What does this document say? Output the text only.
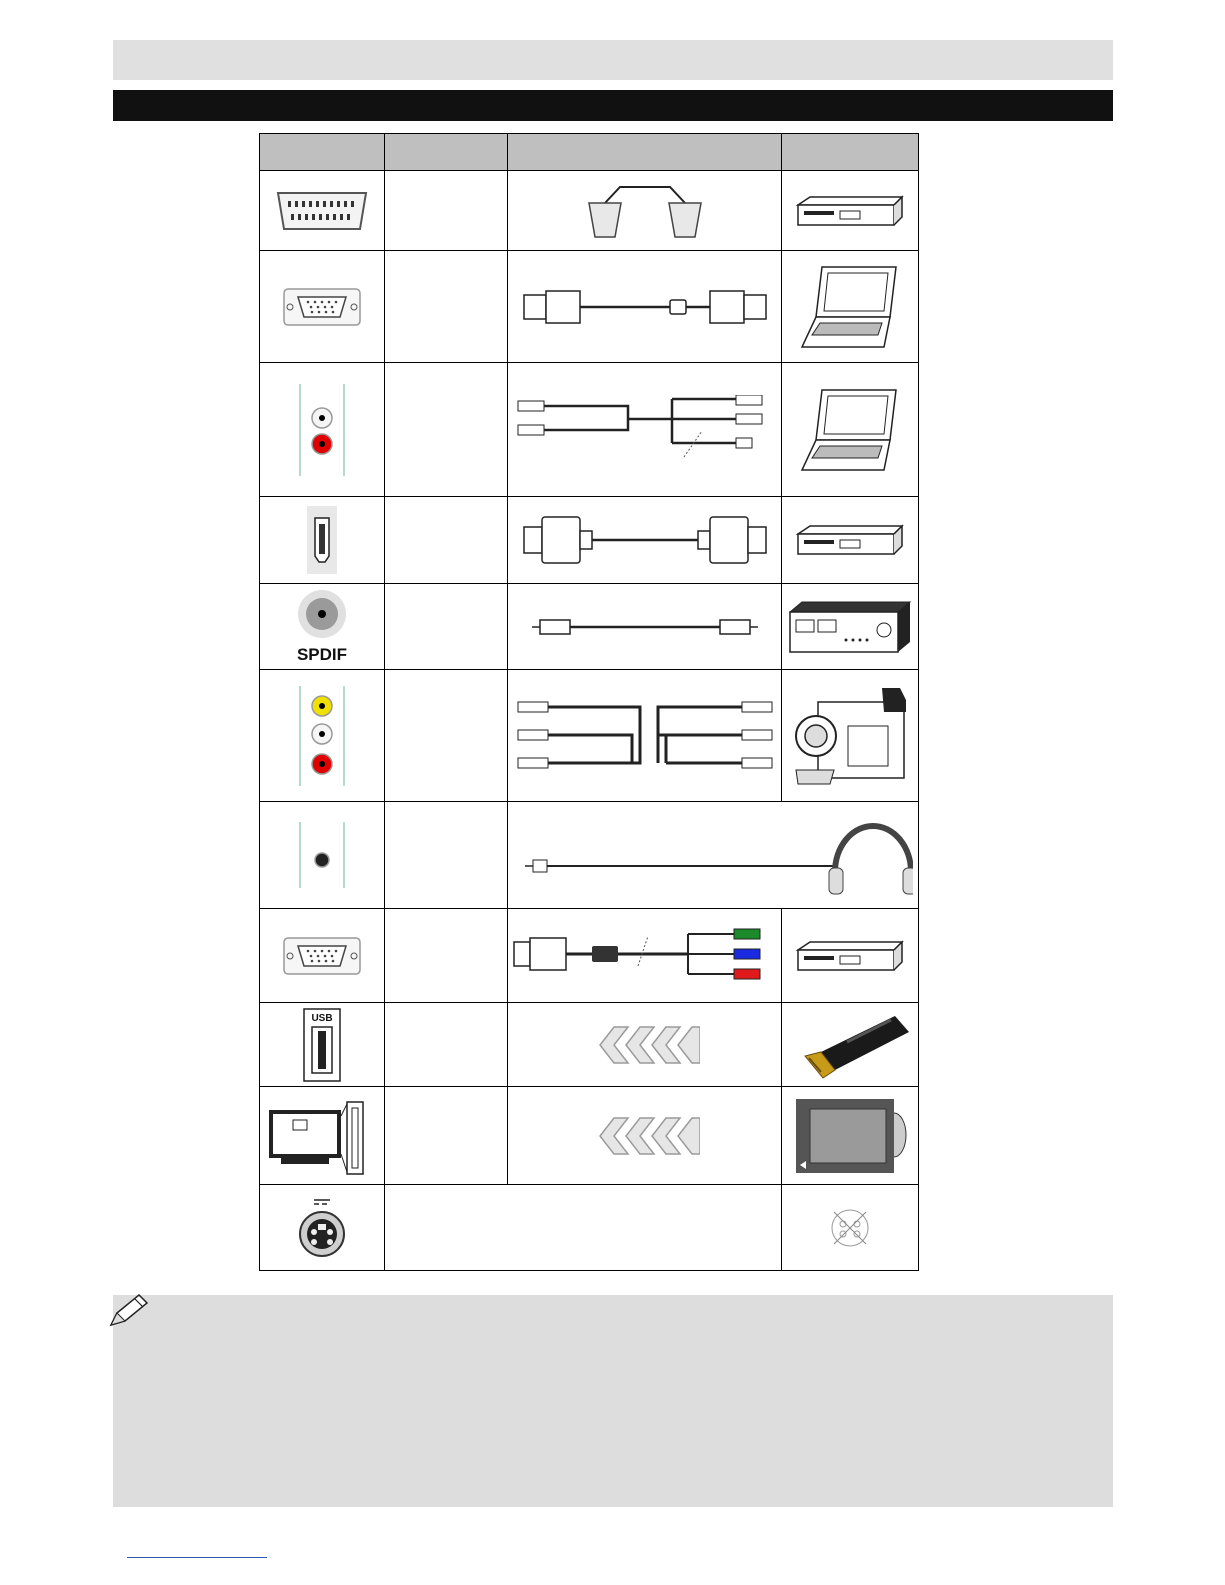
SPDIF

USB
